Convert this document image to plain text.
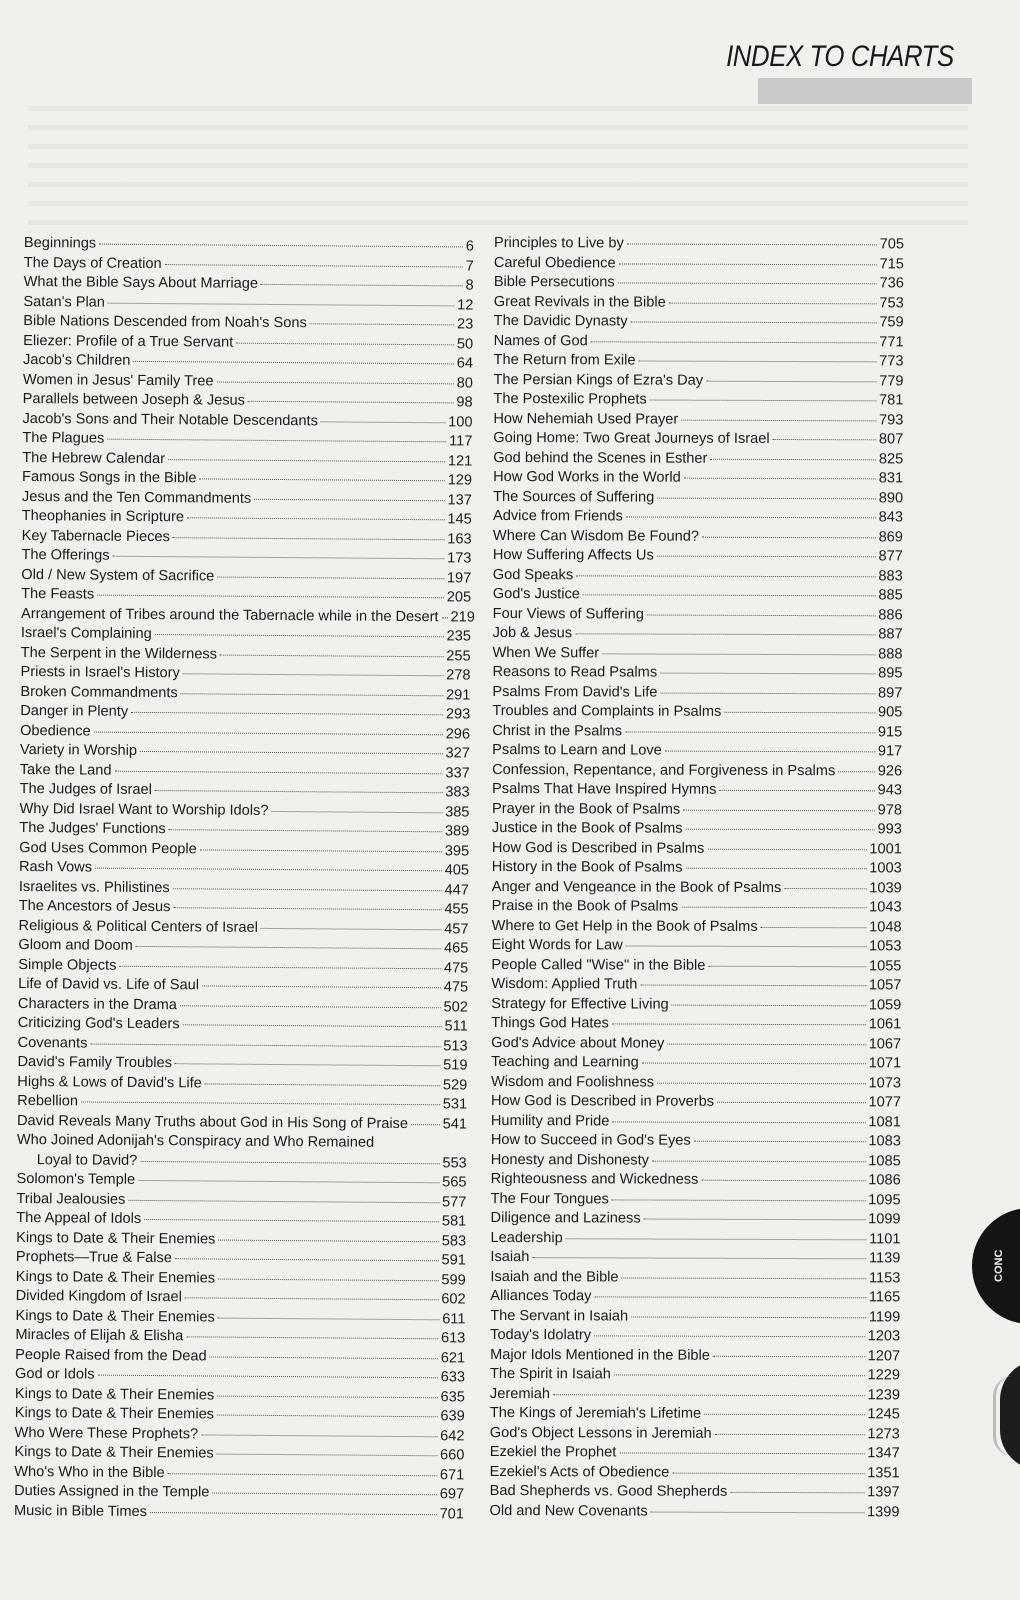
INDEX TO CHARTS
Beginnings	6
The Days of Creation	7
What the Bible Says About Marriage	8
Satan's Plan	12
Bible Nations Descended from Noah's Sons	23
Eliezer: Profile of a True Servant	50
Jacob's Children	64
Women in Jesus' Family Tree	80
Parallels between Joseph & Jesus	98
Jacob's Sons and Their Notable Descendants	100
The Plagues	117
The Hebrew Calendar	121
Famous Songs in the Bible	129
Jesus and the Ten Commandments	137
Theophanies in Scripture	145
Key Tabernacle Pieces	163
The Offerings	173
Old / New System of Sacrifice	197
The Feasts	205
Arrangement of Tribes around the Tabernacle while in the Desert 219
Israel's Complaining	235
The Serpent in the Wilderness	255
Priests in Israel's History	278
Broken Commandments	291
Danger in Plenty	293
Obedience	296
Variety in Worship	327
Take the Land	337
The Judges of Israel	383
Why Did Israel Want to Worship Idols?	385
The Judges' Functions	389
God Uses Common People	395
Rash Vows	405
Israelites vs. Philistines	447
The Ancestors of Jesus	455
Religious & Political Centers of Israel	457
Gloom and Doom	465
Simple Objects	475
Life of David vs. Life of Saul	475
Characters in the Drama	502
Criticizing God's Leaders	511
Covenants	513
David's Family Troubles	519
Highs & Lows of David's Life	529
Rebellion	531
David Reveals Many Truths about God in His Song of Praise 541
Who Joined Adonijah's Conspiracy and Who Remained
Loyal to David?	553
Solomon's Temple	565
Tribal Jealousies	577
The Appeal of Idols	581
Kings to Date & Their Enemies	583
Prophets—True & False	591
Kings to Date & Their Enemies	599
Divided Kingdom of Israel	602
Kings to Date & Their Enemies	611
Miracles of Elijah & Elisha	613
People Raised from the Dead	621
God or Idols	633
Kings to Date & Their Enemies	635
Kings to Date & Their Enemies	639
Who Were These Prophets?	642
Kings to Date & Their Enemies	660
Who's Who in the Bible	671
Duties Assigned in the Temple	697
Music in Bible Times	701
Principles to Live by	705
Careful Obedience	715
Bible Persecutions	736
Great Revivals in the Bible	753
The Davidic Dynasty	759
Names of God	771
The Return from Exile	773
The Persian Kings of Ezra's Day	779
The Postexilic Prophets	781
How Nehemiah Used Prayer	793
Going Home: Two Great Journeys of Israel	807
God behind the Scenes in Esther	825
How God Works in the World	831
The Sources of Suffering	890
Advice from Friends	843
Where Can Wisdom Be Found?	869
How Suffering Affects Us	877
God Speaks	883
God's Justice	885
Four Views of Suffering	886
Job & Jesus	887
When We Suffer	888
Reasons to Read Psalms	895
Psalms From David's Life	897
Troubles and Complaints in Psalms	905
Christ in the Psalms	915
Psalms to Learn and Love	917
Confession, Repentance, and Forgiveness in Psalms	926
Psalms That Have Inspired Hymns	943
Prayer in the Book of Psalms	978
Justice in the Book of Psalms	993
How God is Described in Psalms	1001
History in the Book of Psalms	1003
Anger and Vengeance in the Book of Psalms	1039
Praise in the Book of Psalms	1043
Where to Get Help in the Book of Psalms	1048
Eight Words for Law	1053
People Called "Wise" in the Bible	1055
Wisdom: Applied Truth	1057
Strategy for Effective Living	1059
Things God Hates	1061
God's Advice about Money	1067
Teaching and Learning	1071
Wisdom and Foolishness	1073
How God is Described in Proverbs	1077
Humility and Pride	1081
How to Succeed in God's Eyes	1083
Honesty and Dishonesty	1085
Righteousness and Wickedness	1086
The Four Tongues	1095
Diligence and Laziness	1099
Leadership	1101
Isaiah	1139
Isaiah and the Bible	1153
Alliances Today	1165
The Servant in Isaiah	1199
Today's Idolatry	1203
Major Idols Mentioned in the Bible	1207
The Spirit in Isaiah	1229
Jeremiah	1239
The Kings of Jeremiah's Lifetime	1245
God's Object Lessons in Jeremiah	1273
Ezekiel the Prophet	1347
Ezekiel's Acts of Obedience	1351
Bad Shepherds vs. Good Shepherds	1397
Old and New Covenants	1399
CONC
